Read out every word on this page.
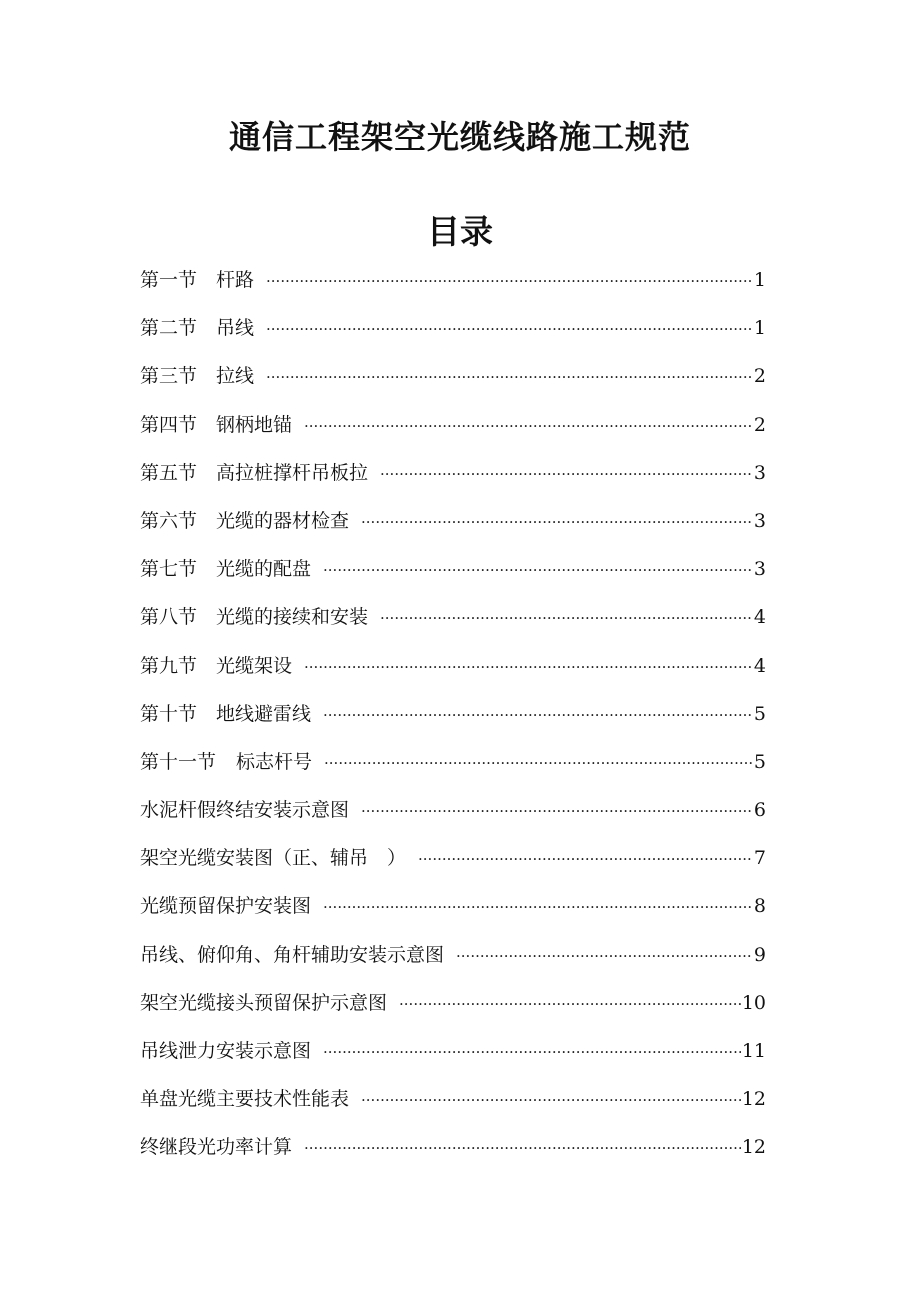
通信工程架空光缆线路施工规范
目录
第一节 杆路 ·····	1
第二节 吊线 ·····	1
第三节 拉线 ·····	2
第四节 钢柄地锚 ·····	2
第五节 高拉桩撑杆吊板拉 ·····	3
第六节 光缆的器材检查 ·····	3
第七节 光缆的配盘 ·····	3
第八节 光缆的接续和安装 ·····	4
第九节 光缆架设 ·····	4
第十节 地线避雷线 ·····	5
第十一节 标志杆号 ·····	5
水泥杆假终结安装示意图 ·····	6
架空光缆安装图（正、辅吊　） ·····	7
光缆预留保护安装图 ·····	8
吊线、俯仰角、角杆辅助安装示意图 ·····	9
架空光缆接头预留保护示意图 ·····	10
吊线泄力安装示意图 ·····	11
单盘光缆主要技术性能表 ·····	12
终继段光功率计算 ·····	12
